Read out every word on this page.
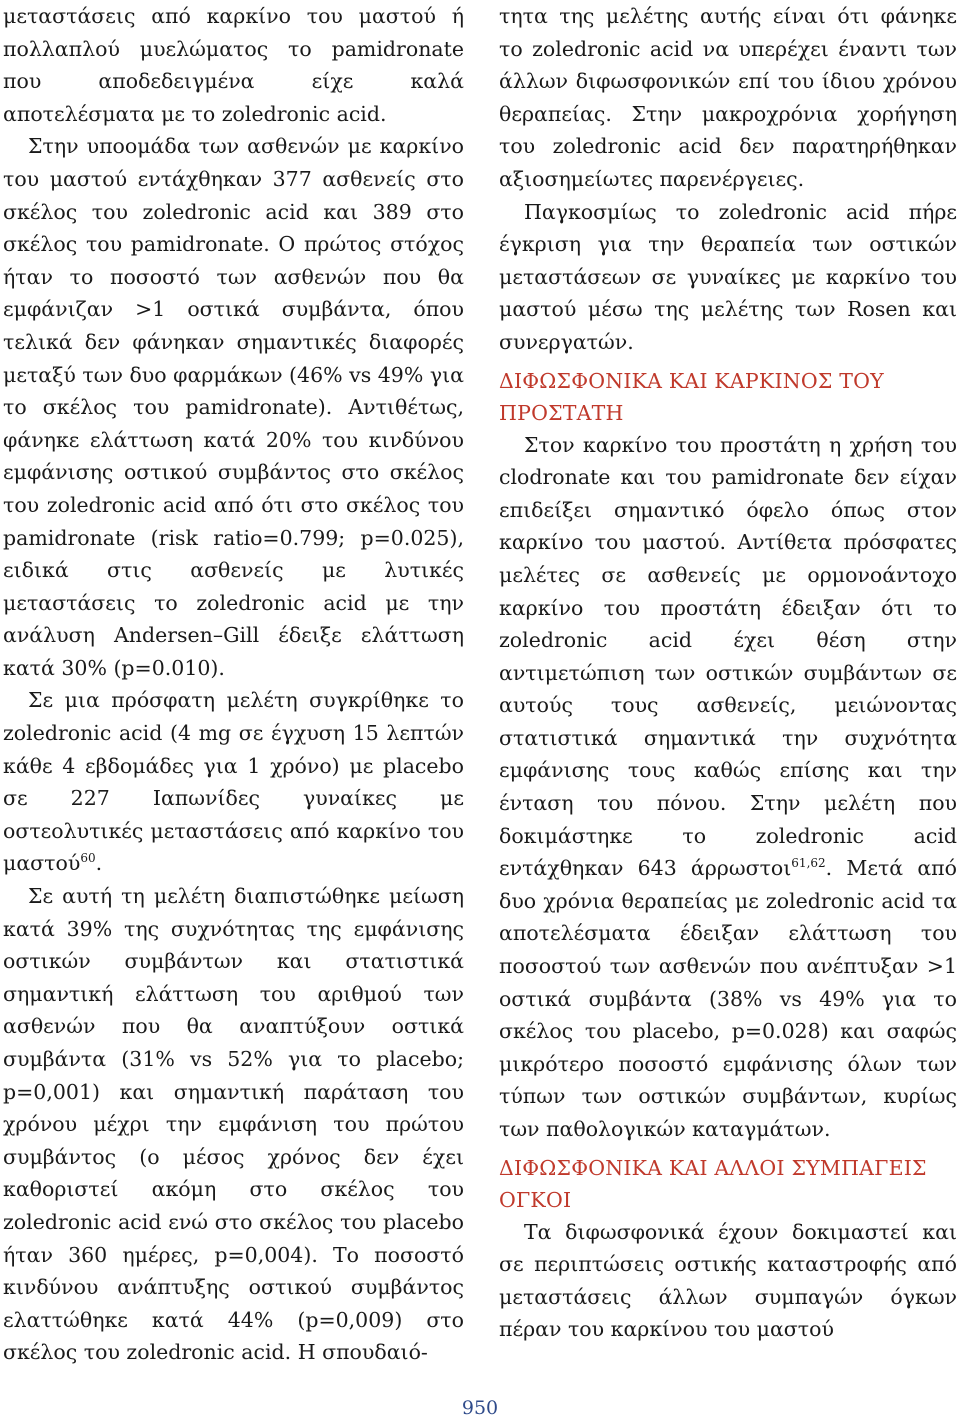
μεταστάσεις από καρκίνο του μαστού ή πολλαπλού μυελώματος το pamidronate που αποδεδειγμένα είχε καλά αποτελέσματα με το zoledronic acid.

Στην υποομάδα των ασθενών με καρκίνο του μαστού εντάχθηκαν 377 ασθενείς στο σκέλος του zoledronic acid και 389 στο σκέλος του pamidronate. Ο πρώτος στόχος ήταν το ποσοστό των ασθενών που θα εμφάνιζαν >1 οστικά συμβάντα, όπου τελικά δεν φάνηκαν σημαντικές διαφορές μεταξύ των δυο φαρμάκων (46% vs 49% για το σκέλος του pamidronate). Αντιθέτως, φάνηκε ελάττωση κατά 20% του κινδύνου εμφάνισης οστικού συμβάντος στο σκέλος του zoledronic acid από ότι στο σκέλος του pamidronate (risk ratio=0.799; p=0.025), ειδικά στις ασθενείς με λυτικές μεταστάσεις το zoledronic acid με την ανάλυση Andersen–Gill έδειξε ελάττωση κατά 30% (p=0.010).

Σε μια πρόσφατη μελέτη συγκρίθηκε το zoledronic acid (4 mg σε έγχυση 15 λεπτών κάθε 4 εβδομάδες για 1 χρόνο) με placebo σε 227 Ιαπωνίδες γυναίκες με οστεολυτικές μεταστάσεις από καρκίνο του μαστού$^{60}$.

Σε αυτή τη μελέτη διαπιστώθηκε μείωση κατά 39% της συχνότητας της εμφάνισης οστικών συμβάντων και στατιστικά σημαντική ελάττωση του αριθμού των ασθενών που θα αναπτύξουν οστικά συμβάντα (31% vs 52% για το placebo; p=0,001) και σημαντική παράταση του χρόνου μέχρι την εμφάνιση του πρώτου συμβάντος (ο μέσος χρόνος δεν έχει καθοριστεί ακόμη στο σκέλος του zoledronic acid ενώ στο σκέλος του placebo ήταν 360 ημέρες, p=0,004). Το ποσοστό κινδύνου ανάπτυξης οστικού συμβάντος ελαττώθηκε κατά 44% (p=0,009) στο σκέλος του zoledronic acid. Η σπουδαιό-

τητα της μελέτης αυτής είναι ότι φάνηκε το zoledronic acid να υπερέχει έναντι των άλλων διφωσφονικών επί του ίδιου χρόνου θεραπείας. Στην μακροχρόνια χορήγηση του zoledronic acid δεν παρατηρήθηκαν αξιοσημείωτες παρενέργειες.

Παγκοσμίως το zoledronic acid πήρε έγκριση για την θεραπεία των οστικών μεταστάσεων σε γυναίκες με καρκίνο του μαστού μέσω της μελέτης των Rosen και συνεργατών.

ΔΙΦΩΣΦΟΝΙΚΑ ΚΑΙ ΚΑΡΚΙΝΟΣ ΤΟΥ ΠΡΟΣΤΑΤΗ

Στον καρκίνο του προστάτη η χρήση του clodronate και του pamidronate δεν είχαν επιδείξει σημαντικό όφελο όπως στον καρκίνο του μαστού. Αντίθετα πρόσφατες μελέτες σε ασθενείς με ορμονοάντοχο καρκίνο του προστάτη έδειξαν ότι το zoledronic acid έχει θέση στην αντιμετώπιση των οστικών συμβάντων σε αυτούς τους ασθενείς, μειώνοντας στατιστικά σημαντικά την συχνότητα εμφάνισης τους καθώς επίσης και την ένταση του πόνου. Στην μελέτη που δοκιμάστηκε το zoledronic acid εντάχθηκαν 643 άρρωστοι$^{61,62}$. Μετά από δυο χρόνια θεραπείας με zoledronic acid τα αποτελέσματα έδειξαν ελάττωση του ποσοστού των ασθενών που ανέπτυξαν >1 οστικά συμβάντα (38% vs 49% για το σκέλος του placebo, p=0.028) και σαφώς μικρότερο ποσοστό εμφάνισης όλων των τύπων των οστικών συμβάντων, κυρίως των παθολογικών καταγμάτων.

ΔΙΦΩΣΦΟΝΙΚΑ ΚΑΙ ΑΛΛΟΙ ΣΥΜΠΑΓΕΙΣ ΟΓΚΟΙ

Τα διφωσφονικά έχουν δοκιμαστεί και σε περιπτώσεις οστικής καταστροφής από μεταστάσεις άλλων συμπαγών όγκων πέραν του καρκίνου του μαστού

950
